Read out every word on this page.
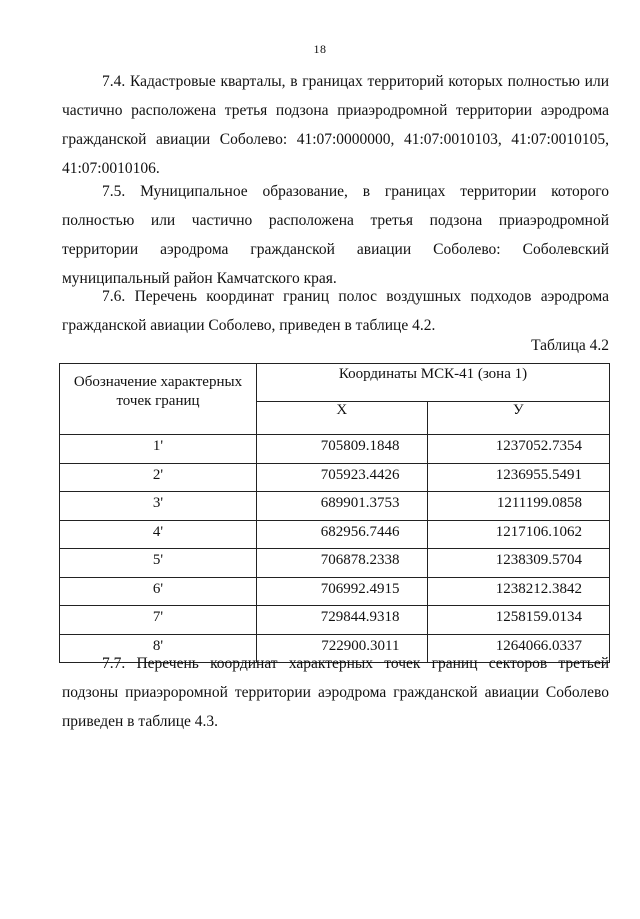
18

7.4. Кадастровые кварталы, в границах территорий которых полностью или частично расположена третья подзона приаэродромной территории аэродрома гражданской авиации Соболево: 41:07:0000000, 41:07:0010103, 41:07:0010105, 41:07:0010106.

7.5. Муниципальное образование, в границах территории которого полностью или частично расположена третья подзона приаэродромной территории аэродрома гражданской авиации Соболево: Соболевский муниципальный район Камчатского края.

7.6. Перечень координат границ полос воздушных подходов аэродрома гражданской авиации Соболево, приведен в таблице 4.2.

Таблица 4.2
Обозначение характерных точек границ	Координаты МСК-41 (зона 1)	
	Х	У
1'	705809.1848	1237052.7354
2'	705923.4426	1236955.5491
3'	689901.3753	1211199.0858
4'	682956.7446	1217106.1062
5'	706878.2338	1238309.5704
6'	706992.4915	1238212.3842
7'	729844.9318	1258159.0134
8'	722900.3011	1264066.0337

7.7. Перечень координат характерных точек границ секторов третьей подзоны приаэроромной территории аэродрома гражданской авиации Соболево приведен в таблице 4.3.
